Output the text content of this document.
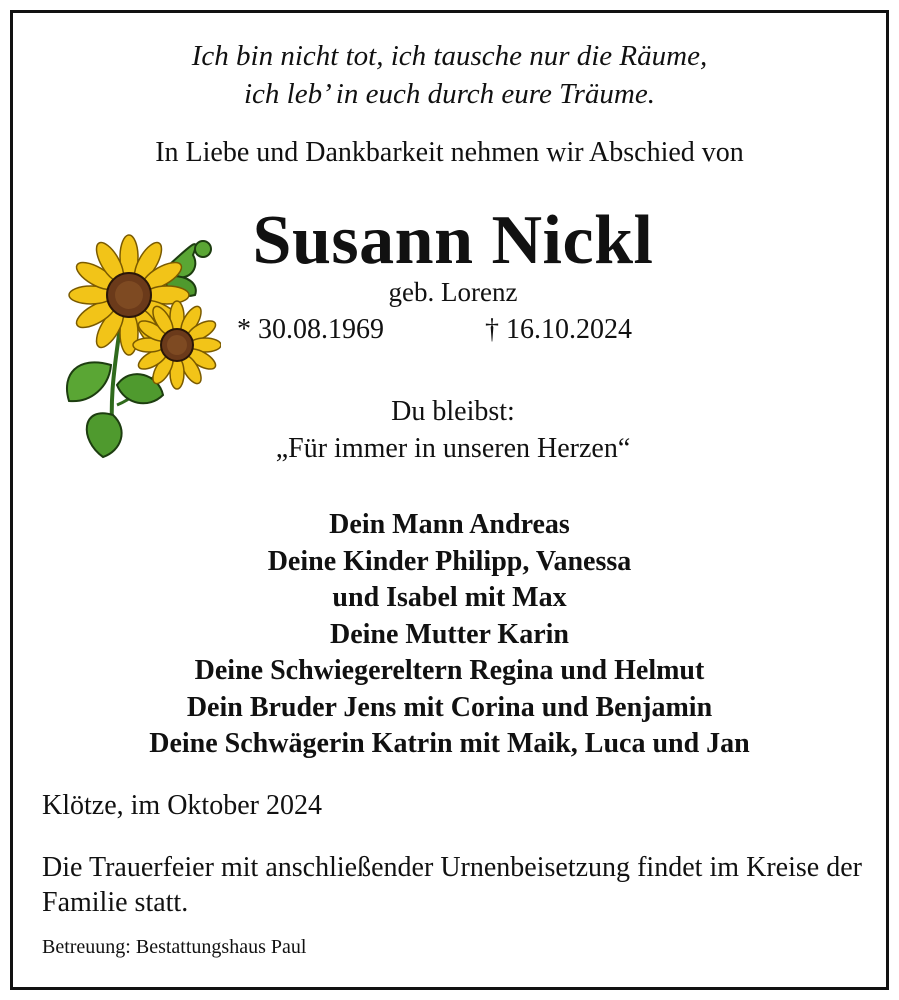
Ich bin nicht tot, ich tausche nur die Räume,
ich leb’ in euch durch eure Träume.
In Liebe und Dankbarkeit nehmen wir Abschied von
Susann Nickl
geb. Lorenz
* 30.08.1969	† 16.10.2024
Du bleibst:
„Für immer in unseren Herzen“
Dein Mann Andreas
Deine Kinder Philipp, Vanessa
und Isabel mit Max
Deine Mutter Karin
Deine Schwiegereltern Regina und Helmut
Dein Bruder Jens mit Corina und Benjamin
Deine Schwägerin Katrin mit Maik, Luca und Jan
Klötze, im Oktober 2024
Die Trauerfeier mit anschließender Urnenbeisetzung findet im Kreise der Familie statt.
Betreuung: Bestattungshaus Paul
